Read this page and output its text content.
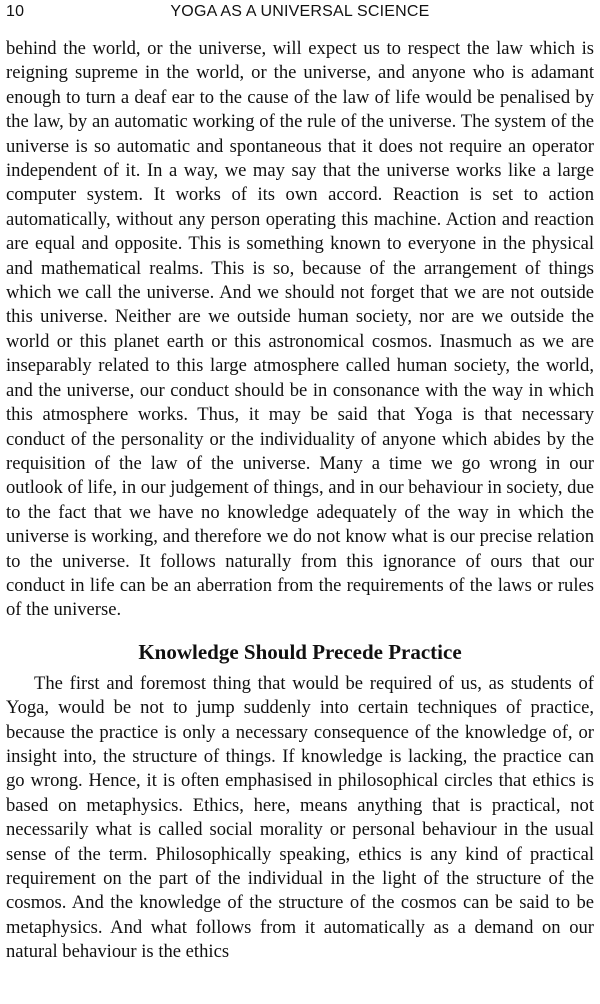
10	YOGA AS A UNIVERSAL SCIENCE

behind the world, or the universe, will expect us to respect the law which is reigning supreme in the world, or the universe, and anyone who is adamant enough to turn a deaf ear to the cause of the law of life would be penalised by the law, by an automatic working of the rule of the universe. The system of the universe is so automatic and spontaneous that it does not require an operator independent of it. In a way, we may say that the universe works like a large computer system. It works of its own accord. Reaction is set to action automatically, without any person operating this machine. Action and reaction are equal and opposite. This is something known to everyone in the physical and mathematical realms. This is so, because of the arrangement of things which we call the universe. And we should not forget that we are not outside this universe. Neither are we outside human society, nor are we outside the world or this planet earth or this astronomical cosmos. Inasmuch as we are inseparably related to this large atmosphere called human society, the world, and the universe, our conduct should be in consonance with the way in which this atmosphere works. Thus, it may be said that Yoga is that necessary conduct of the personality or the individuality of anyone which abides by the requisition of the law of the universe. Many a time we go wrong in our outlook of life, in our judgement of things, and in our behaviour in society, due to the fact that we have no knowledge adequately of the way in which the universe is working, and therefore we do not know what is our precise relation to the universe. It follows naturally from this ignorance of ours that our conduct in life can be an aberration from the requirements of the laws or rules of the universe.

Knowledge Should Precede Practice

The first and foremost thing that would be required of us, as students of Yoga, would be not to jump suddenly into certain techniques of practice, because the practice is only a necessary consequence of the knowledge of, or insight into, the structure of things. If knowledge is lacking, the practice can go wrong. Hence, it is often emphasised in philosophical circles that ethics is based on metaphysics. Ethics, here, means anything that is practical, not necessarily what is called social morality or personal behaviour in the usual sense of the term. Philosophically speaking, ethics is any kind of practical requirement on the part of the individual in the light of the structure of the cosmos. And the knowledge of the structure of the cosmos can be said to be metaphysics. And what follows from it automatically as a demand on our natural behaviour is the ethics
